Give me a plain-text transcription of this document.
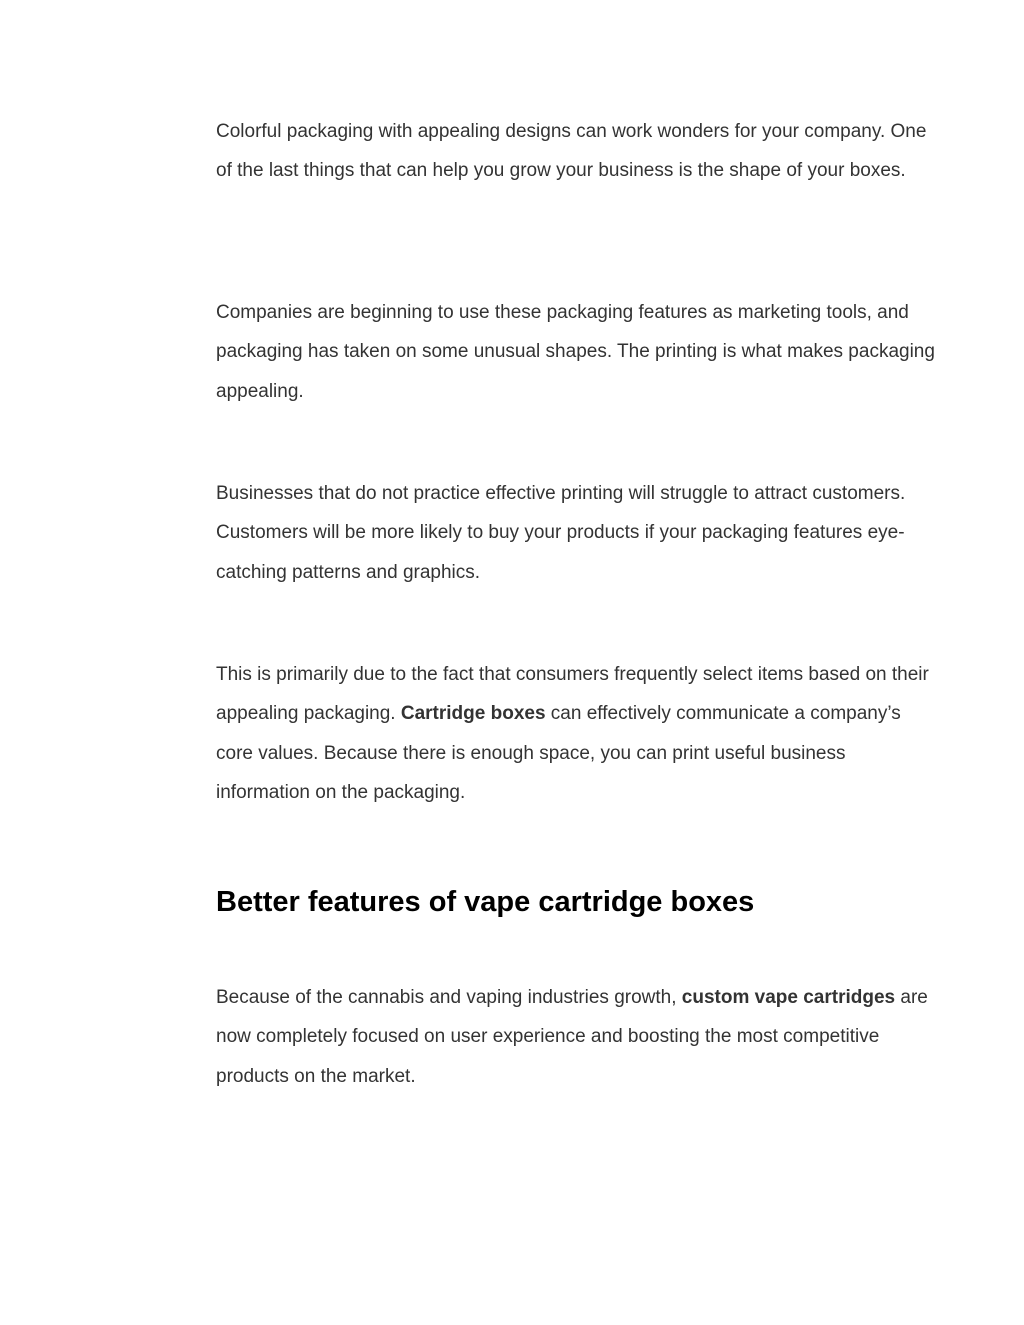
Colorful packaging with appealing designs can work wonders for your company. One of the last things that can help you grow your business is the shape of your boxes.

Companies are beginning to use these packaging features as marketing tools, and packaging has taken on some unusual shapes. The printing is what makes packaging appealing.

Businesses that do not practice effective printing will struggle to attract customers. Customers will be more likely to buy your products if your packaging features eye-catching patterns and graphics.

This is primarily due to the fact that consumers frequently select items based on their appealing packaging. Cartridge boxes can effectively communicate a company’s core values. Because there is enough space, you can print useful business information on the packaging.

Better features of vape cartridge boxes

Because of the cannabis and vaping industries growth, custom vape cartridges are now completely focused on user experience and boosting the most competitive products on the market.
